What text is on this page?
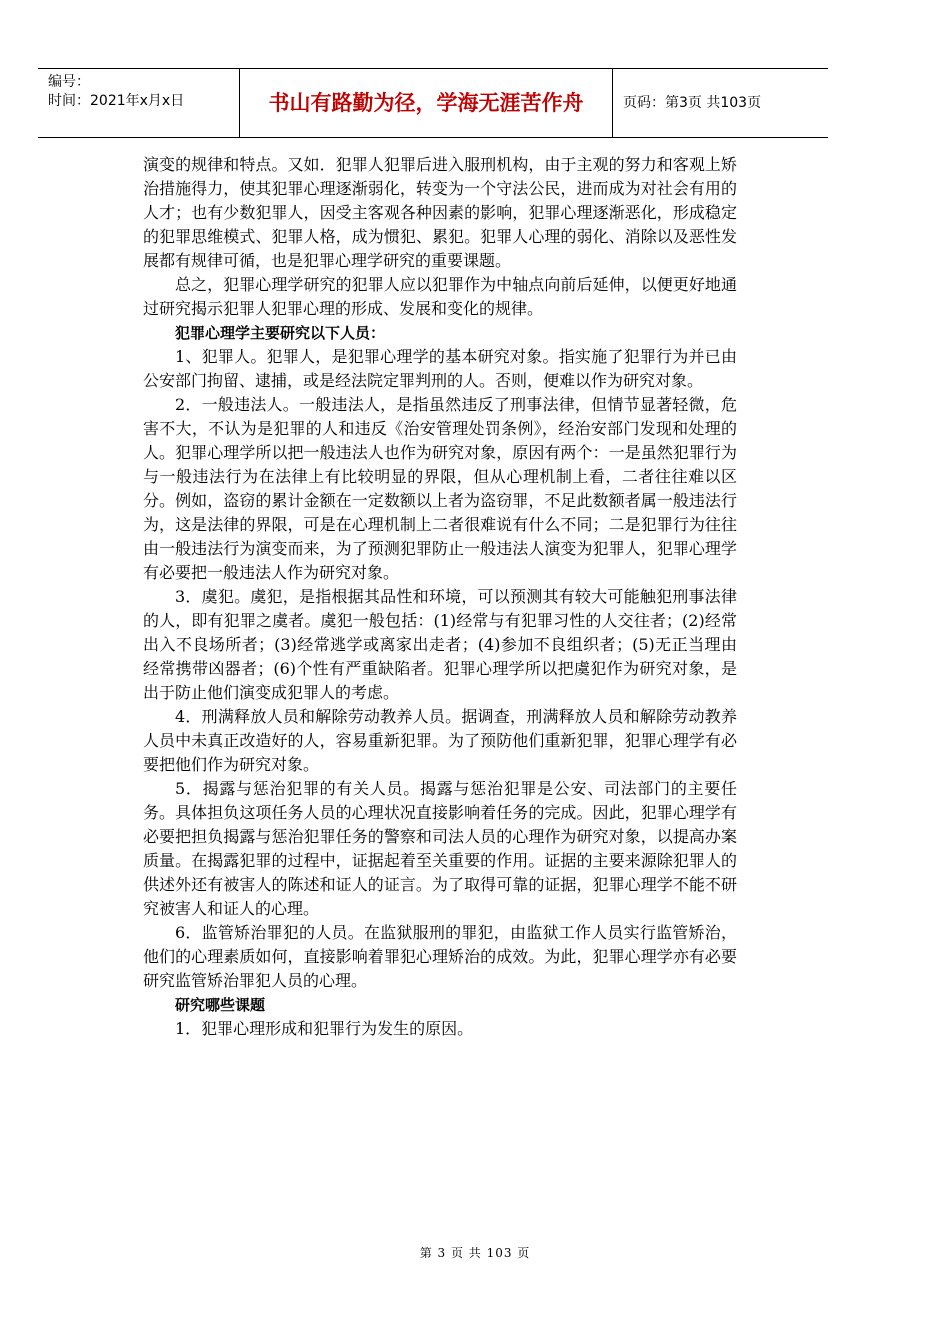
编号：
时间：2021年x月x日	书山有路勤为径，学海无涯苦作舟	页码：第3页 共103页

演变的规律和特点。又如．犯罪人犯罪后进入服刑机构，由于主观的努力和客观上矫治措施得力，使其犯罪心理逐渐弱化，转变为一个守法公民，进而成为对社会有用的人才；也有少数犯罪人，因受主客观各种因素的影响，犯罪心理逐渐恶化，形成稳定的犯罪思维模式、犯罪人格，成为惯犯、累犯。犯罪人心理的弱化、消除以及恶性发展都有规律可循，也是犯罪心理学研究的重要课题。

总之，犯罪心理学研究的犯罪人应以犯罪作为中轴点向前后延伸，以便更好地通过研究揭示犯罪人犯罪心理的形成、发展和变化的规律。

犯罪心理学主要研究以下人员：

1、犯罪人。犯罪人，是犯罪心理学的基本研究对象。指实施了犯罪行为并已由公安部门拘留、逮捕，或是经法院定罪判刑的人。否则，便难以作为研究对象。

2．一般违法人。一般违法人，是指虽然违反了刑事法律，但情节显著轻微，危害不大，不认为是犯罪的人和违反《治安管理处罚条例》，经治安部门发现和处理的人。犯罪心理学所以把一般违法人也作为研究对象，原因有两个：一是虽然犯罪行为与一般违法行为在法律上有比较明显的界限，但从心理机制上看，二者往往难以区分。例如，盗窃的累计金额在一定数额以上者为盗窃罪，不足此数额者属一般违法行为，这是法律的界限，可是在心理机制上二者很难说有什么不同；二是犯罪行为往往由一般违法行为演变而来，为了预测犯罪防止一般违法人演变为犯罪人，犯罪心理学有必要把一般违法人作为研究对象。

3．虞犯。虞犯，是指根据其品性和环境，可以预测其有较大可能触犯刑事法律的人，即有犯罪之虞者。虞犯一般包括：(1)经常与有犯罪习性的人交往者；(2)经常出入不良场所者；(3)经常逃学或离家出走者；(4)参加不良组织者；(5)无正当理由经常携带凶器者；(6)个性有严重缺陷者。犯罪心理学所以把虞犯作为研究对象，是出于防止他们演变成犯罪人的考虑。

4．刑满释放人员和解除劳动教养人员。据调查，刑满释放人员和解除劳动教养人员中未真正改造好的人，容易重新犯罪。为了预防他们重新犯罪，犯罪心理学有必要把他们作为研究对象。

5．揭露与惩治犯罪的有关人员。揭露与惩治犯罪是公安、司法部门的主要任务。具体担负这项任务人员的心理状况直接影响着任务的完成。因此，犯罪心理学有必要把担负揭露与惩治犯罪任务的警察和司法人员的心理作为研究对象，以提高办案质量。在揭露犯罪的过程中，证据起着至关重要的作用。证据的主要来源除犯罪人的供述外还有被害人的陈述和证人的证言。为了取得可靠的证据，犯罪心理学不能不研究被害人和证人的心理。

6．监管矫治罪犯的人员。在监狱服刑的罪犯，由监狱工作人员实行监管矫治，他们的心理素质如何，直接影响着罪犯心理矫治的成效。为此，犯罪心理学亦有必要研究监管矫治罪犯人员的心理。

研究哪些课题

1．犯罪心理形成和犯罪行为发生的原因。

第 3 页 共 103 页
